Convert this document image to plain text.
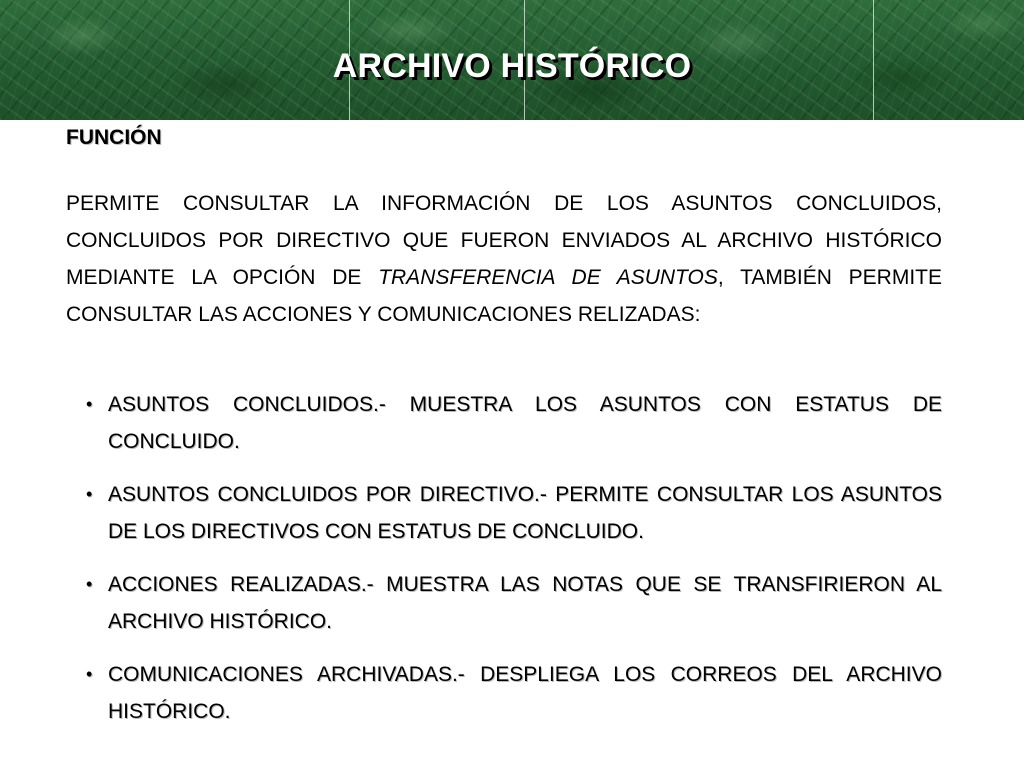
ARCHIVO HISTÓRICO
FUNCIÓN

PERMITE CONSULTAR LA INFORMACIÓN DE LOS ASUNTOS CONCLUIDOS, CONCLUIDOS POR DIRECTIVO QUE FUERON ENVIADOS AL ARCHIVO HISTÓRICO MEDIANTE LA OPCIÓN DE TRANSFERENCIA DE ASUNTOS, TAMBIÉN PERMITE CONSULTAR LAS ACCIONES Y COMUNICACIONES RELIZADAS:

• ASUNTOS CONCLUIDOS.- MUESTRA LOS ASUNTOS CON ESTATUS DE CONCLUIDO.
• ASUNTOS CONCLUIDOS POR DIRECTIVO.- PERMITE CONSULTAR LOS ASUNTOS DE LOS DIRECTIVOS CON ESTATUS DE CONCLUIDO.
• ACCIONES REALIZADAS.- MUESTRA LAS NOTAS QUE SE TRANSFIRIERON AL ARCHIVO HISTÓRICO.
• COMUNICACIONES ARCHIVADAS.- DESPLIEGA LOS CORREOS DEL ARCHIVO HISTÓRICO.
